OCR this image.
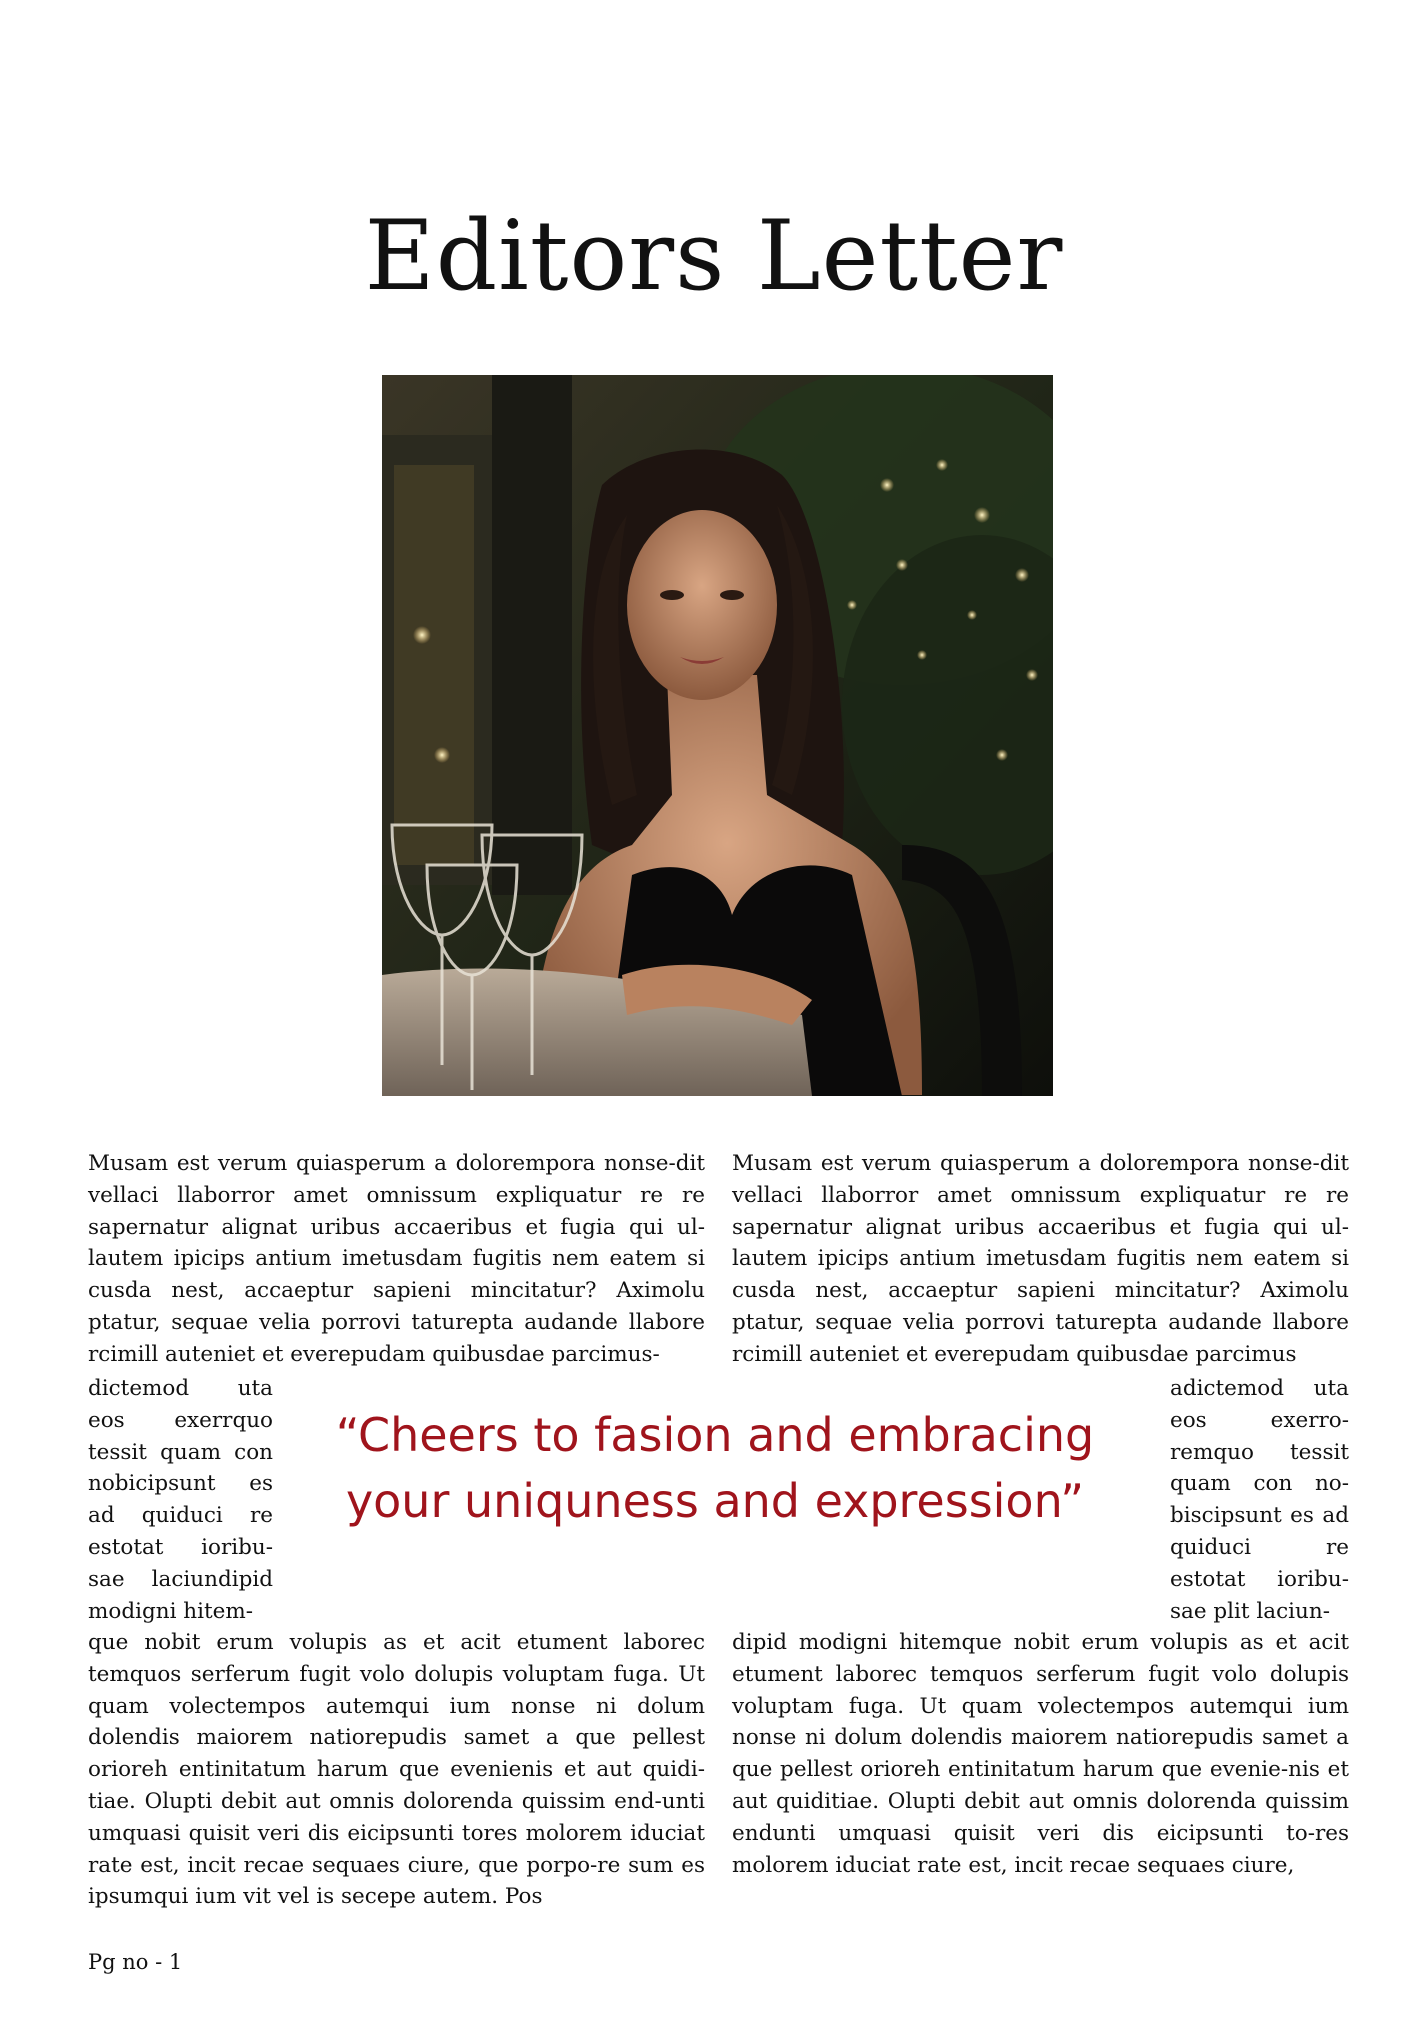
Editors Letter

Musam est verum quiasperum a dolorempora nonse-dit vellaci llaborror amet omnissum expliquatur re re sapernatur alignat uribus accaeribus et fugia qui ul-lautem ipicips antium imetusdam fugitis nem eatem si cusda nest, accaeptur sapieni mincitatur? Aximolu ptatur, sequae velia porrovi taturepta audande llabore rcimill auteniet et everepudam quibusdae parcimus-

Musam est verum quiasperum a dolorempora nonse-dit vellaci llaborror amet omnissum expliquatur re re sapernatur alignat uribus accaeribus et fugia qui ul-lautem ipicips antium imetusdam fugitis nem eatem si cusda nest, accaeptur sapieni mincitatur? Aximolu ptatur, sequae velia porrovi taturepta audande llabore rcimill auteniet et everepudam quibusdae parcimus

dictemod uta eos exerrquo tessit quam con nobicipsunt es ad quiduci re estotat ioribu-sae laciundipid modigni hitem-

adictemod uta eos exerro-remquo tessit quam con no-biscipsunt es ad quiduci re estotat ioribu-sae plit laciun-

“Cheers to fasion and embracing your uniquness and expression”

que nobit erum volupis as et acit etument laborec temquos serferum fugit volo dolupis voluptam fuga. Ut quam volectempos autemqui ium nonse ni dolum dolendis maiorem natiorepudis samet a que pellest orioreh entinitatum harum que evenienis et aut quidi-tiae. Olupti debit aut omnis dolorenda quissim end-unti umquasi quisit veri dis eicipsunti tores molorem iduciat rate est, incit recae sequaes ciure, que porpo-re sum es ipsumqui ium vit vel is secepe autem. Pos

dipid modigni hitemque nobit erum volupis as et acit etument laborec temquos serferum fugit volo dolupis voluptam fuga. Ut quam volectempos autemqui ium nonse ni dolum dolendis maiorem natiorepudis samet a que pellest orioreh entinitatum harum que evenie-nis et aut quiditiae. Olupti debit aut omnis dolorenda quissim endunti umquasi quisit veri dis eicipsunti to-res molorem iduciat rate est, incit recae sequaes ciure,

Pg no - 1
